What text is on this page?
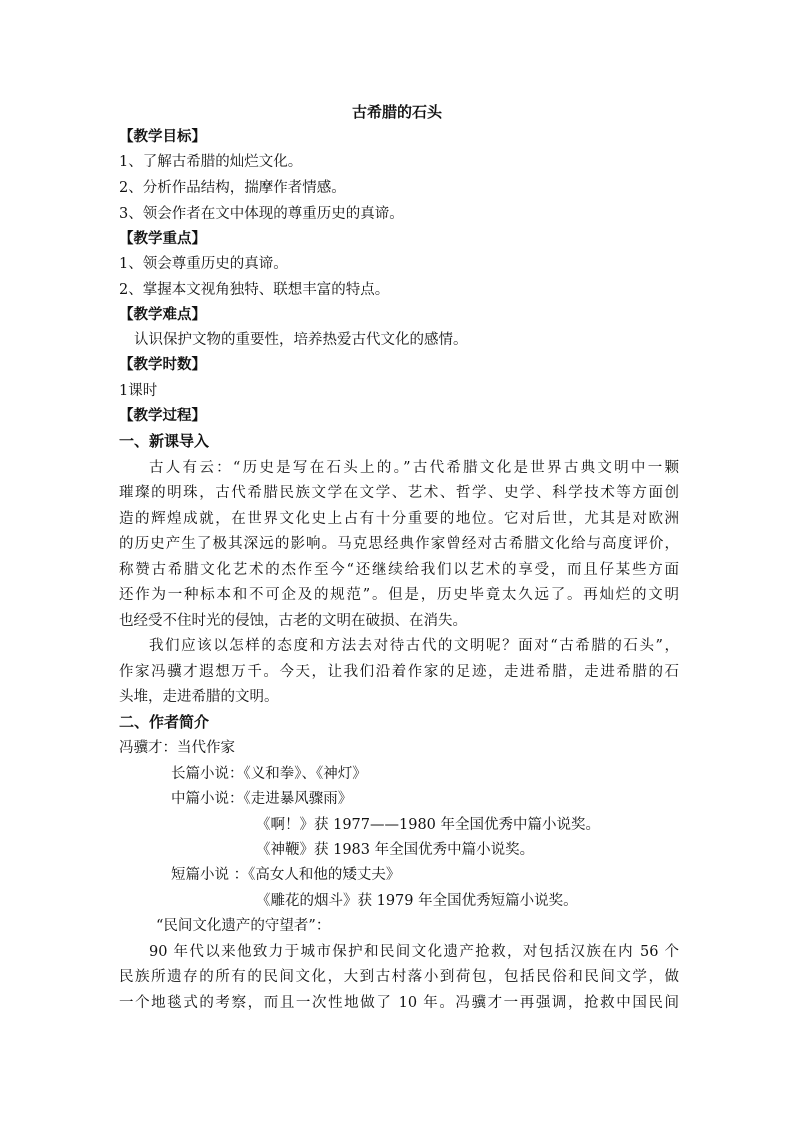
古希腊的石头
【教学目标】
1、了解古希腊的灿烂文化。
2、分析作品结构，揣摩作者情感。
3、领会作者在文中体现的尊重历史的真谛。
【教学重点】
1、领会尊重历史的真谛。
2、掌握本文视角独特、联想丰富的特点。
【教学难点】
认识保护文物的重要性，培养热爱古代文化的感情。
【教学时数】
1课时
【教学过程】
一、新课导入
古人有云：“历史是写在石头上的。”古代希腊文化是世界古典文明中一颗
璀璨的明珠，古代希腊民族文学在文学、艺术、哲学、史学、科学技术等方面创
造的辉煌成就，在世界文化史上占有十分重要的地位。它对后世，尤其是对欧洲
的历史产生了极其深远的影响。马克思经典作家曾经对古希腊文化给与高度评价，
称赞古希腊文化艺术的杰作至今“还继续给我们以艺术的享受，而且仔某些方面
还作为一种标本和不可企及的规范”。但是，历史毕竟太久远了。再灿烂的文明
也经受不住时光的侵蚀，古老的文明在破损、在消失。
我们应该以怎样的态度和方法去对待古代的文明呢？面对“古希腊的石头”，
作家冯骥才遐想万千。今天，让我们沿着作家的足迹，走进希腊，走进希腊的石
头堆，走进希腊的文明。
二、作者简介
冯骥才：当代作家
长篇小说：《义和拳》、《神灯》
中篇小说：《走进暴风骤雨》
《啊！》获 1977——1980 年全国优秀中篇小说奖。
《神鞭》获 1983 年全国优秀中篇小说奖。
短篇小说 ：《高女人和他的矮丈夫》
《雕花的烟斗》获 1979 年全国优秀短篇小说奖。
“民间文化遗产的守望者”：
90 年代以来他致力于城市保护和民间文化遗产抢救，对包括汉族在内 56 个
民族所遗存的所有的民间文化，大到古村落小到荷包，包括民俗和民间文学，做
一个地毯式的考察，而且一次性地做了 10 年。冯骥才一再强调，抢救中国民间
